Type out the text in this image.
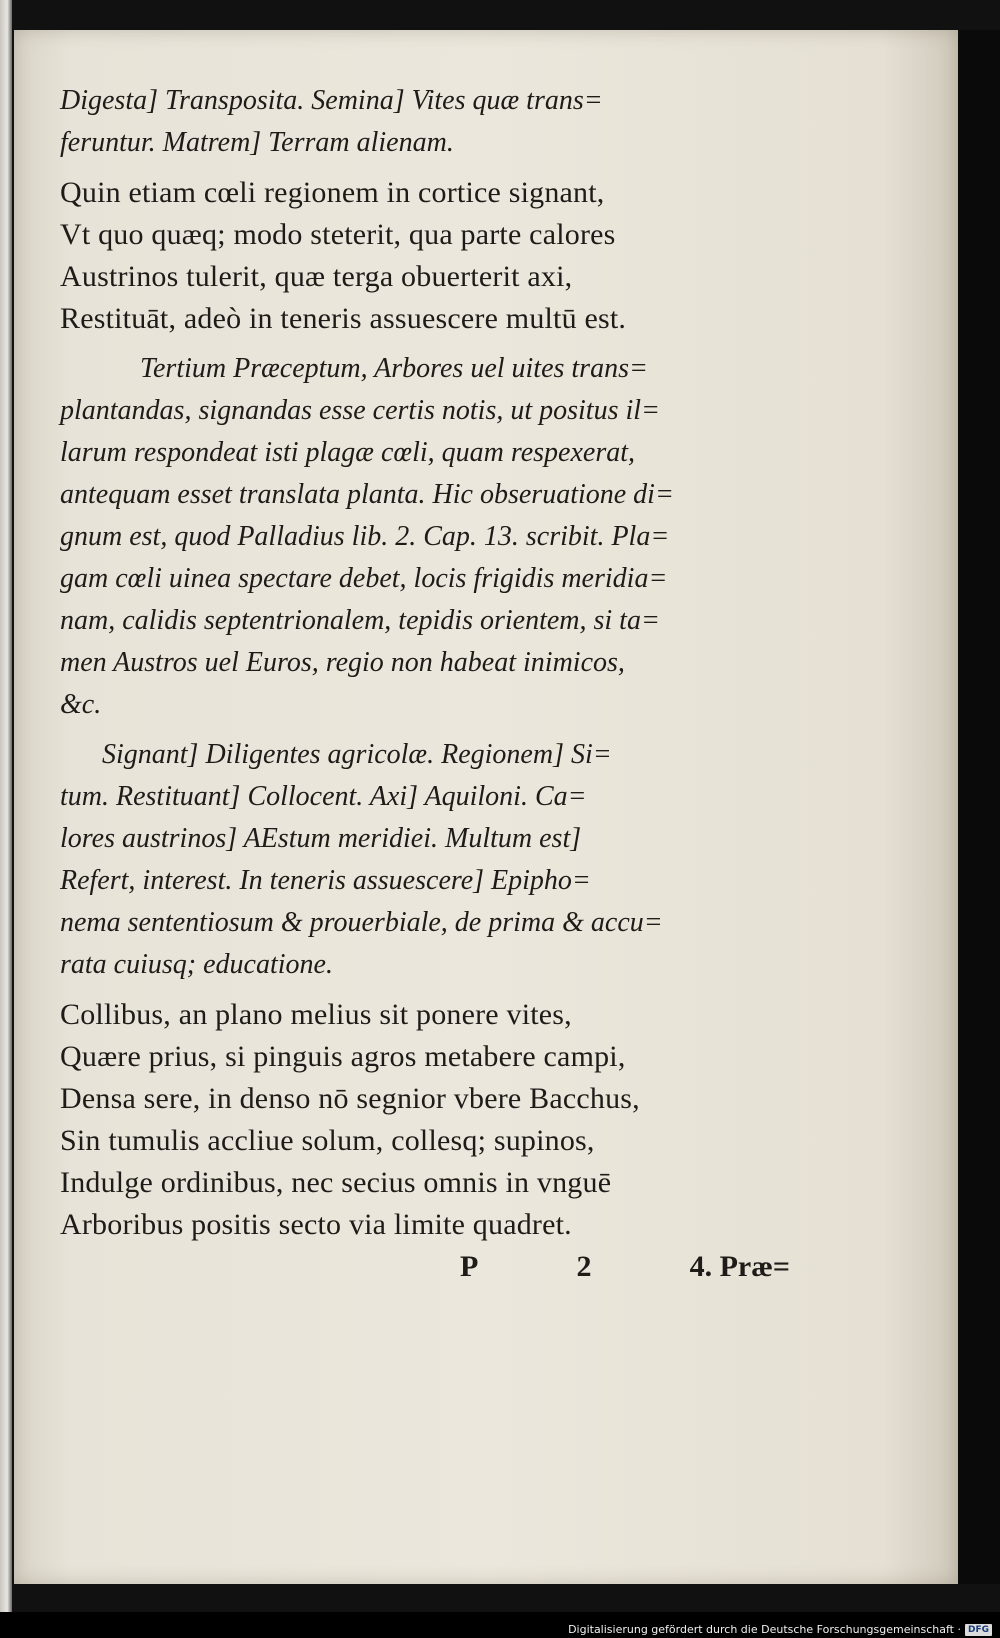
Digesta] Transposita. Semina] Vites quæ trans=
feruntur. Matrem] Terram alienam.
Quin etiam cœli regionem in cortice signant,
Vt quo quæq; modo steterit, qua parte calores
Austrinos tulerit, quæ terga obuerterit axi,
Restituāt, adeò in teneris assuescere multū est.
Tertium Præceptum, Arbores uel uites trans=
plantandas, signandas esse certis notis, ut positus il=
larum respondeat isti plagæ cœli, quam respexerat,
antequam esset translata planta. Hic obseruatione di=
gnum est, quod Palladius lib. 2. Cap. 13. scribit. Pla=
gam cœli uinea spectare debet, locis frigidis meridia=
nam, calidis septentrionalem, tepidis orientem, si ta=
men Austros uel Euros, regio non habeat inimicos,
&c.
Signant] Diligentes agricolæ. Regionem] Si=
tum. Restituant] Collocent. Axi] Aquiloni. Ca=
lores austrinos] AEstum meridiei. Multum est]
Refert, interest. In teneris assuescere] Epipho=
nema sententiosum & prouerbiale, de prima & accu=
rata cuiusq; educatione.
Collibus, an plano melius sit ponere vites,
Quære prius, si pinguis agros metabere campi,
Densa sere, in denso nō segnior vbere Bacchus,
Sin tumulis accliue solum, collesq; supinos,
Indulge ordinibus, nec secius omnis in vnguē
Arboribus positis secto via limite quadret.
P	2	4. Præ=
Digitalisierung gefördert durch die Deutsche Forschungsgemeinschaft · DFG
